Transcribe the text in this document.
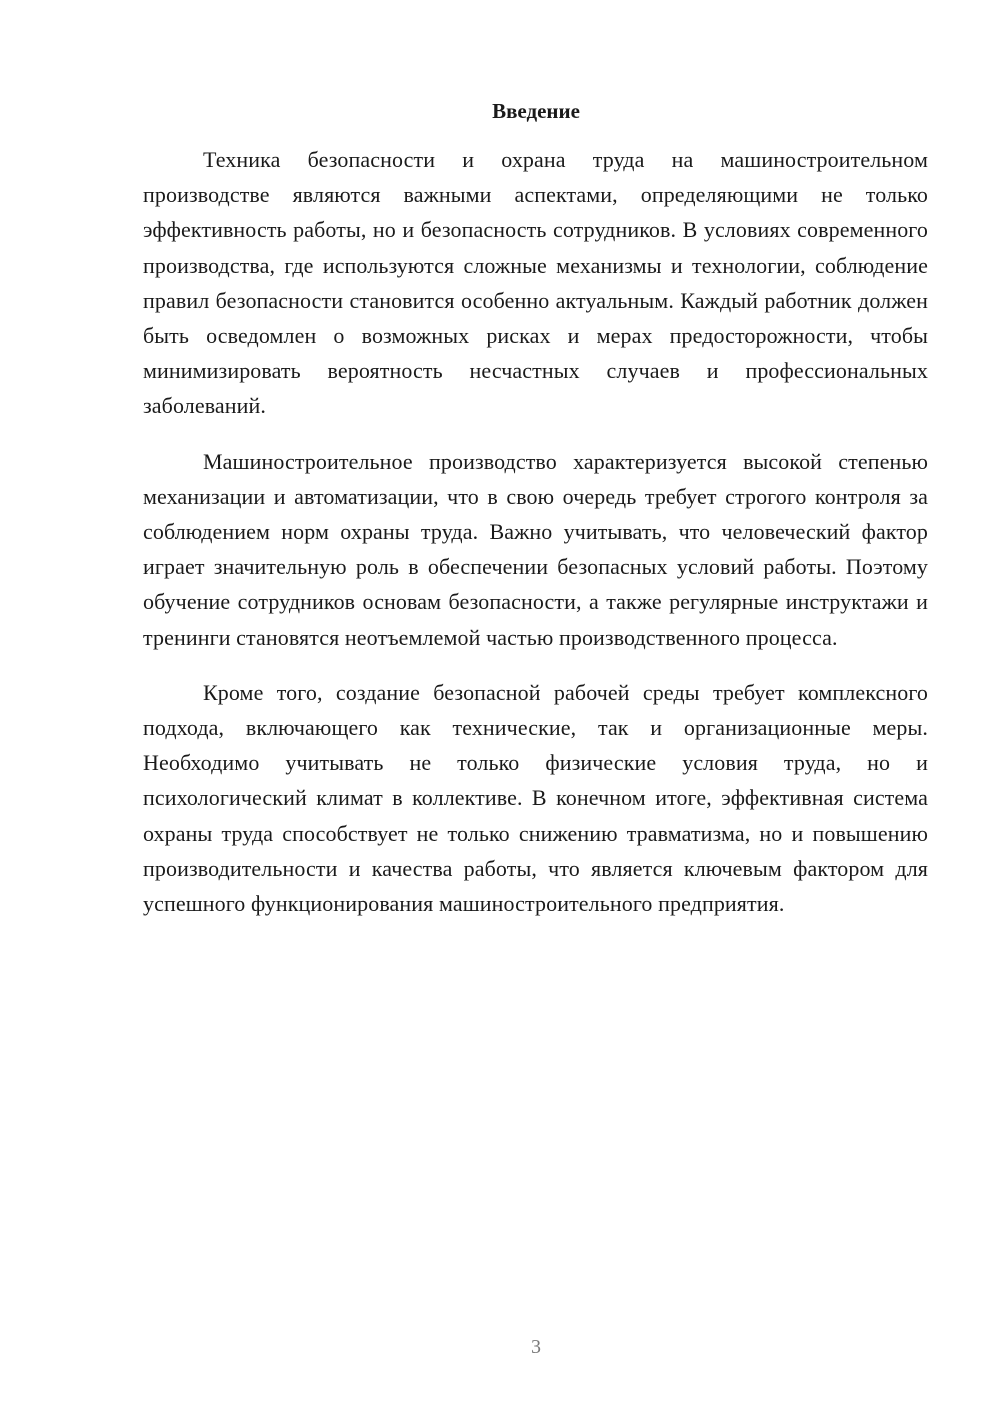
Введение

Техника безопасности и охрана труда на машиностроительном производстве являются важными аспектами, определяющими не только эффективность работы, но и безопасность сотрудников. В условиях современного производства, где используются сложные механизмы и технологии, соблюдение правил безопасности становится особенно актуальным. Каждый работник должен быть осведомлен о возможных рисках и мерах предосторожности, чтобы минимизировать вероятность несчастных случаев и профессиональных заболеваний.

Машиностроительное производство характеризуется высокой степенью механизации и автоматизации, что в свою очередь требует строгого контроля за соблюдением норм охраны труда. Важно учитывать, что человеческий фактор играет значительную роль в обеспечении безопасных условий работы. Поэтому обучение сотрудников основам безопасности, а также регулярные инструктажи и тренинги становятся неотъемлемой частью производственного процесса.

Кроме того, создание безопасной рабочей среды требует комплексного подхода, включающего как технические, так и организационные меры. Необходимо учитывать не только физические условия труда, но и психологический климат в коллективе. В конечном итоге, эффективная система охраны труда способствует не только снижению травматизма, но и повышению производительности и качества работы, что является ключевым фактором для успешного функционирования машиностроительного предприятия.

3
